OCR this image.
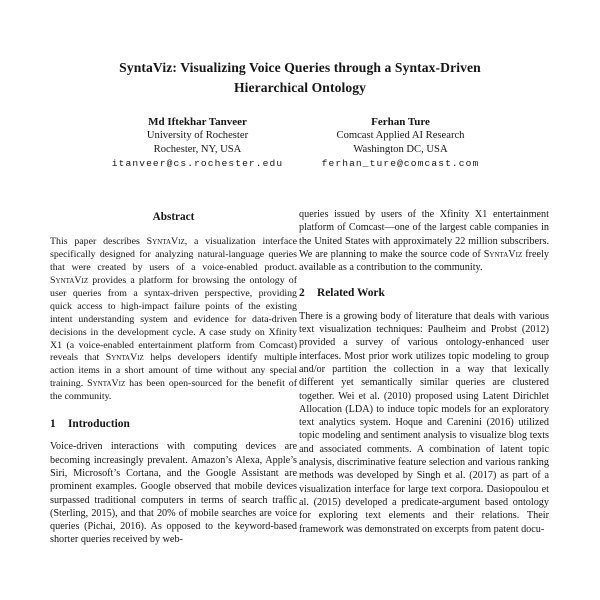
SyntaViz: Visualizing Voice Queries through a Syntax-Driven
Hierarchical Ontology
Md Iftekhar Tanveer
University of Rochester
Rochester, NY, USA
itanveer@cs.rochester.edu
Ferhan Ture
Comcast Applied AI Research
Washington DC, USA
ferhan_ture@comcast.com
Abstract

This paper describes SyntaViz, a visualization interface specifically designed for analyzing natural-language queries that were created by users of a voice-enabled product. SyntaViz provides a platform for browsing the ontology of user queries from a syntax-driven perspective, providing quick access to high-impact failure points of the existing intent understanding system and evidence for data-driven decisions in the development cycle. A case study on Xfinity X1 (a voice-enabled entertainment platform from Comcast) reveals that SyntaViz helps developers identify multiple action items in a short amount of time without any special training. SyntaViz has been open-sourced for the benefit of the community.

1 Introduction

Voice-driven interactions with computing devices are becoming increasingly prevalent. Amazon’s Alexa, Apple’s Siri, Microsoft’s Cortana, and the Google Assistant are prominent examples. Google observed that mobile devices surpassed traditional computers in terms of search traffic (Sterling, 2015), and that 20% of mobile searches are voice queries (Pichai, 2016). As opposed to the keyword-based shorter queries received by web-

queries issued by users of the Xfinity X1 entertainment platform of Comcast—one of the largest cable companies in the United States with approximately 22 million subscribers. We are planning to make the source code of SyntaViz freely available as a contribution to the community.

2 Related Work

There is a growing body of literature that deals with various text visualization techniques: Paulheim and Probst (2012) provided a survey of various ontology-enhanced user interfaces. Most prior work utilizes topic modeling to group and/or partition the collection in a way that lexically different yet semantically similar queries are clustered together. Wei et al. (2010) proposed using Latent Dirichlet Allocation (LDA) to induce topic models for an exploratory text analytics system. Hoque and Carenini (2016) utilized topic modeling and sentiment analysis to visualize blog texts and associated comments. A combination of latent topic analysis, discriminative feature selection and various ranking methods was developed by Singh et al. (2017) as part of a visualization interface for large text corpora. Dasiopoulou et al. (2015) developed a predicate-argument based ontology for exploring text elements and their relations. Their framework was demonstrated on excerpts from patent docu-
